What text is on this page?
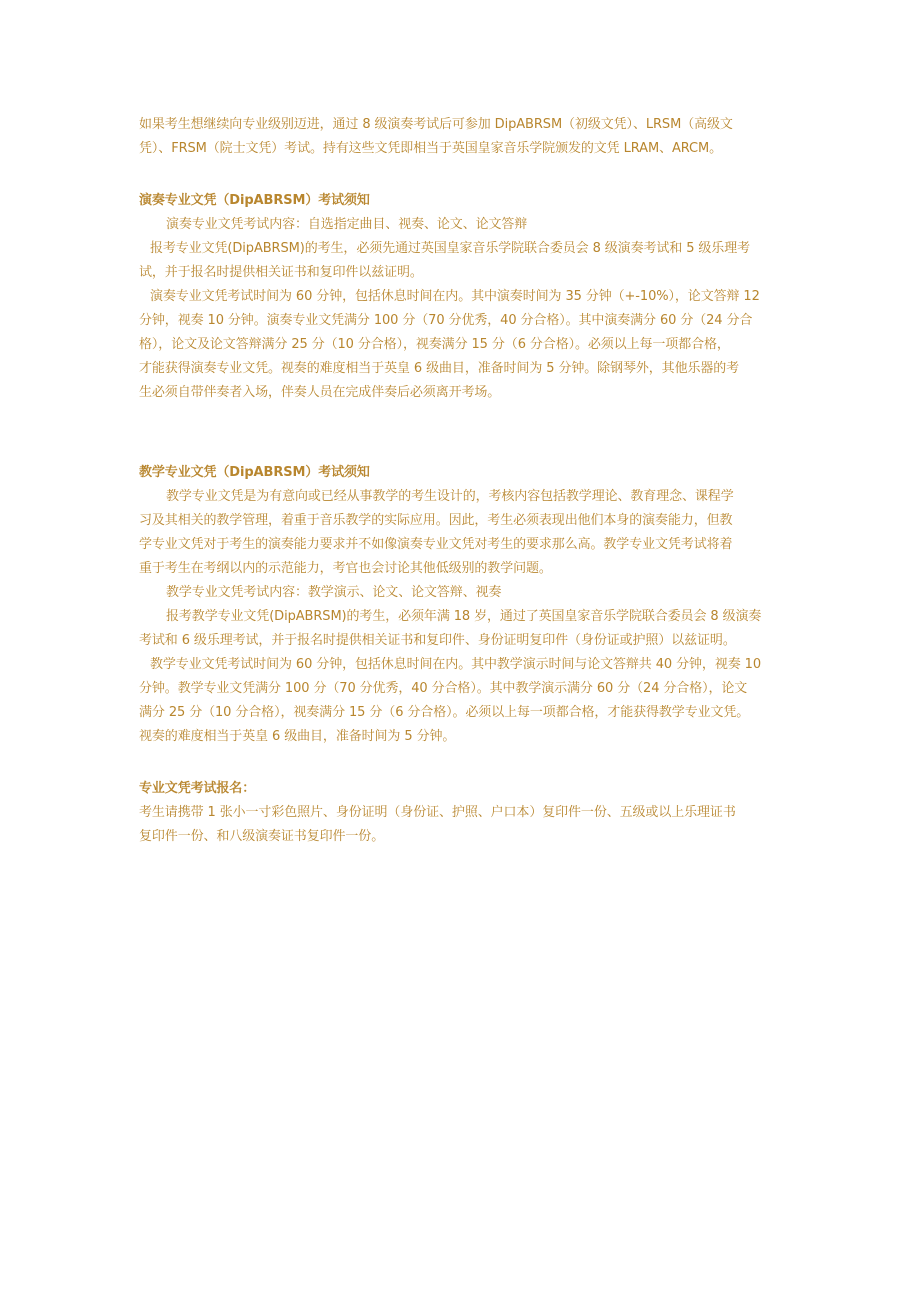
如果考生想继续向专业级别迈进，通过 8 级演奏考试后可参加 DipABRSM（初级文凭）、LRSM（高级文
凭）、FRSM（院士文凭）考试。持有这些文凭即相当于英国皇家音乐学院颁发的文凭 LRAM、ARCM。
演奏专业文凭（DipABRSM）考试须知
演奏专业文凭考试内容：自选指定曲目、视奏、论文、论文答辩
报考专业文凭(DipABRSM)的考生，必须先通过英国皇家音乐学院联合委员会 8 级演奏考试和 5 级乐理考
试，并于报名时提供相关证书和复印件以兹证明。
演奏专业文凭考试时间为 60 分钟，包括休息时间在内。其中演奏时间为 35 分钟（+-10%），论文答辩 12
分钟，视奏 10 分钟。演奏专业文凭满分 100 分（70 分优秀，40 分合格）。其中演奏满分 60 分（24 分合
格），论文及论文答辩满分 25 分（10 分合格），视奏满分 15 分（6 分合格）。必须以上每一项都合格，
才能获得演奏专业文凭。视奏的难度相当于英皇 6 级曲目，准备时间为 5 分钟。除钢琴外，其他乐器的考
生必须自带伴奏者入场，伴奏人员在完成伴奏后必须离开考场。
教学专业文凭（DipABRSM）考试须知
教学专业文凭是为有意向或已经从事教学的考生设计的，考核内容包括教学理论、教育理念、课程学
习及其相关的教学管理，着重于音乐教学的实际应用。因此，考生必须表现出他们本身的演奏能力，但教
学专业文凭对于考生的演奏能力要求并不如像演奏专业文凭对考生的要求那么高。教学专业文凭考试将着
重于考生在考纲以内的示范能力，考官也会讨论其他低级别的教学问题。
教学专业文凭考试内容：教学演示、论文、论文答辩、视奏
报考教学专业文凭(DipABRSM)的考生，必须年满 18 岁，通过了英国皇家音乐学院联合委员会 8 级演奏
考试和 6 级乐理考试，并于报名时提供相关证书和复印件、身份证明复印件（身份证或护照）以兹证明。
教学专业文凭考试时间为 60 分钟，包括休息时间在内。其中教学演示时间与论文答辩共 40 分钟，视奏 10
分钟。教学专业文凭满分 100 分（70 分优秀，40 分合格）。其中教学演示满分 60 分（24 分合格），论文
满分 25 分（10 分合格），视奏满分 15 分（6 分合格）。必须以上每一项都合格，才能获得教学专业文凭。
视奏的难度相当于英皇 6 级曲目，准备时间为 5 分钟。
专业文凭考试报名：
考生请携带 1 张小一寸彩色照片、身份证明（身份证、护照、户口本）复印件一份、五级或以上乐理证书
复印件一份、和八级演奏证书复印件一份。
